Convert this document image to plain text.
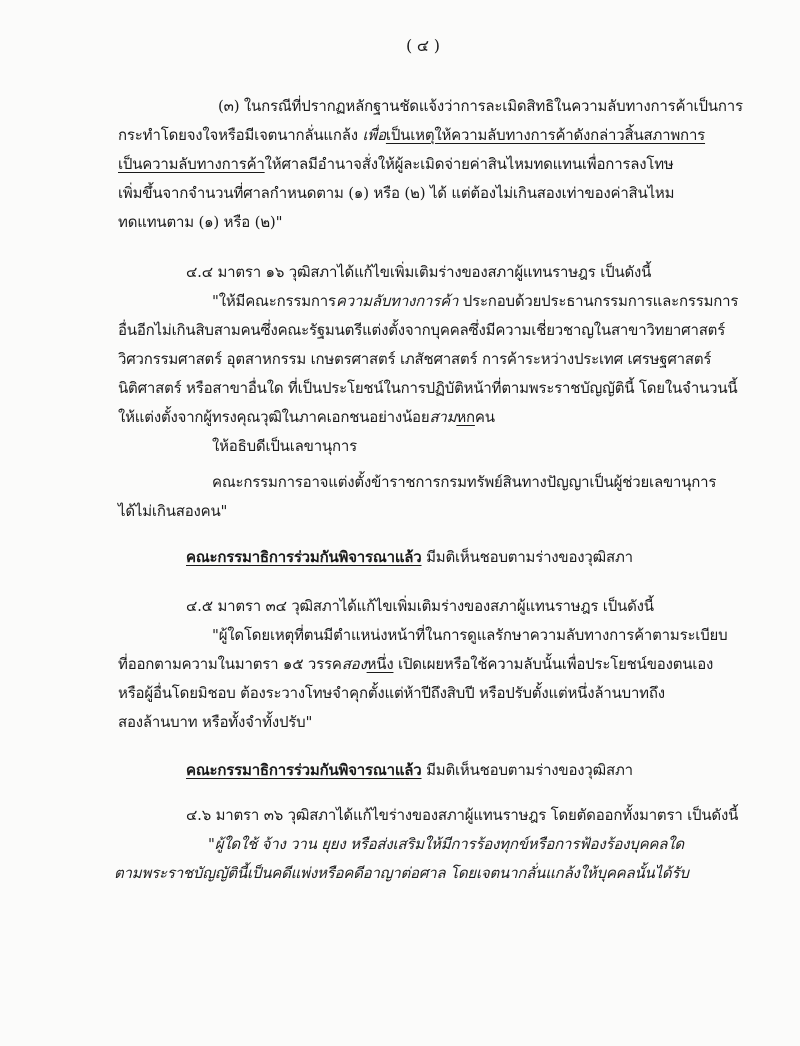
( ๔ )
(๓) ในกรณีที่ปรากฏหลักฐานชัดแจ้งว่าการละเมิดสิทธิในความลับทางการค้าเป็นการ
กระทำโดยจงใจหรือมีเจตนากลั่นแกล้ง เพื่อเป็นเหตุให้ความลับทางการค้าดังกล่าวสิ้นสภาพการ
เป็นความลับทางการค้าให้ศาลมีอำนาจสั่งให้ผู้ละเมิดจ่ายค่าสินไหมทดแทนเพื่อการลงโทษ
เพิ่มขึ้นจากจำนวนที่ศาลกำหนดตาม (๑) หรือ (๒) ได้ แต่ต้องไม่เกินสองเท่าของค่าสินไหม
ทดแทนตาม (๑) หรือ (๒)"
๔.๔ มาตรา ๑๖ วุฒิสภาได้แก้ไขเพิ่มเติมร่างของสภาผู้แทนราษฎร เป็นดังนี้
"ให้มีคณะกรรมการความลับทางการค้า ประกอบด้วยประธานกรรมการและกรรมการ
อื่นอีกไม่เกินสิบสามคนซึ่งคณะรัฐมนตรีแต่งตั้งจากบุคคลซึ่งมีความเชี่ยวชาญในสาขาวิทยาศาสตร์
วิศวกรรมศาสตร์ อุตสาหกรรม เกษตรศาสตร์ เภสัชศาสตร์ การค้าระหว่างประเทศ เศรษฐศาสตร์
นิติศาสตร์ หรือสาขาอื่นใด ที่เป็นประโยชน์ในการปฏิบัติหน้าที่ตามพระราชบัญญัตินี้ โดยในจำนวนนี้
ให้แต่งตั้งจากผู้ทรงคุณวุฒิในภาคเอกชนอย่างน้อยสามหกคน
ให้อธิบดีเป็นเลขานุการ
คณะกรรมการอาจแต่งตั้งข้าราชการกรมทรัพย์สินทางปัญญาเป็นผู้ช่วยเลขานุการ
ได้ไม่เกินสองคน"
คณะกรรมาธิการร่วมกันพิจารณาแล้ว มีมติเห็นชอบตามร่างของวุฒิสภา
๔.๕ มาตรา ๓๔ วุฒิสภาได้แก้ไขเพิ่มเติมร่างของสภาผู้แทนราษฎร เป็นดังนี้
"ผู้ใดโดยเหตุที่ตนมีตำแหน่งหน้าที่ในการดูแลรักษาความลับทางการค้าตามระเบียบ
ที่ออกตามความในมาตรา ๑๕ วรรคสองหนึ่ง เปิดเผยหรือใช้ความลับนั้นเพื่อประโยชน์ของตนเอง
หรือผู้อื่นโดยมิชอบ ต้องระวางโทษจำคุกตั้งแต่ห้าปีถึงสิบปี หรือปรับตั้งแต่หนึ่งล้านบาทถึง
สองล้านบาท หรือทั้งจำทั้งปรับ"
คณะกรรมาธิการร่วมกันพิจารณาแล้ว มีมติเห็นชอบตามร่างของวุฒิสภา
๔.๖ มาตรา ๓๖ วุฒิสภาได้แก้ไขร่างของสภาผู้แทนราษฎร โดยตัดออกทั้งมาตรา เป็นดังนี้
"ผู้ใดใช้ จ้าง วาน ยุยง หรือส่งเสริมให้มีการร้องทุกข์หรือการฟ้องร้องบุคคลใด
ตามพระราชบัญญัตินี้เป็นคดีแพ่งหรือคดีอาญาต่อศาล โดยเจตนากลั่นแกล้งให้บุคคลนั้นได้รับ
